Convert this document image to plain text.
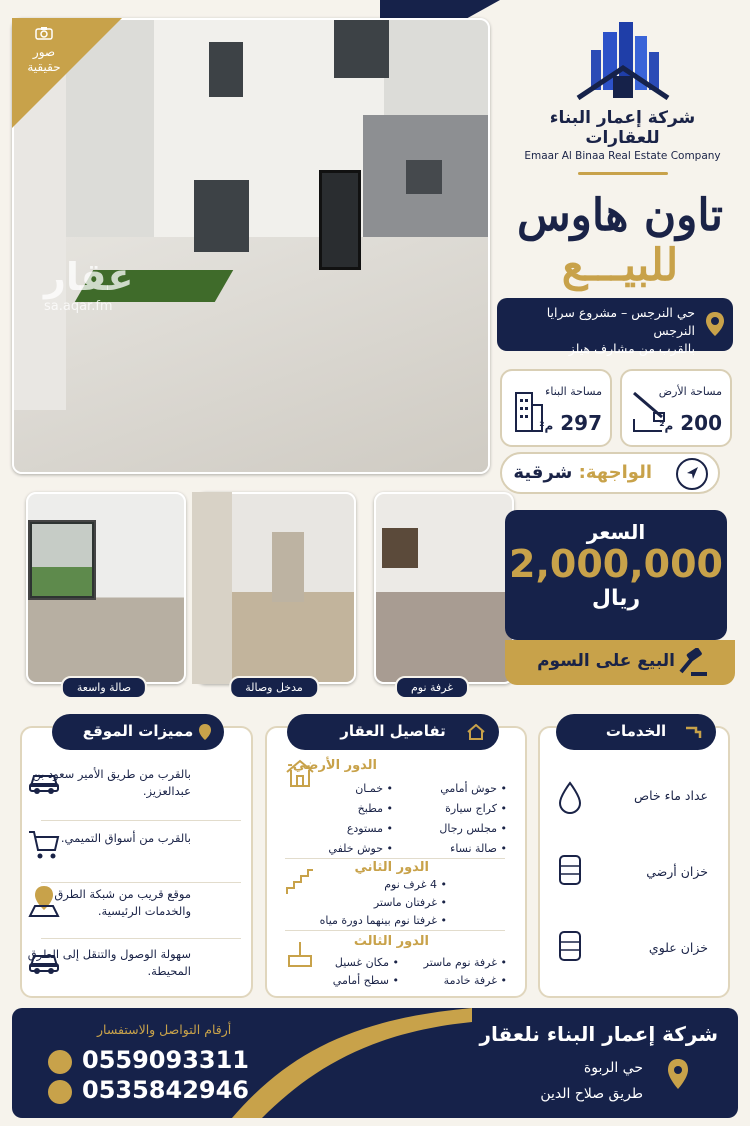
عقار
sa.aqar.fm
صور حقيقية
شركة إعمار البناء للعقارات
Emaar Al Binaa Real Estate Company
تاون هاوس
للبيـــع
حي النرجس – مشروع سرايا النرجس
بالقرب من مشارف هيلز
مساحة الأرض
200 م²
مساحة البناء
297 م²
الواجهة: شرقية
صالة واسعة	مدخل وصالة	غرفة نوم
السعر
2,000,000
ريال
البيع على السوم
مميزات الموقع
بالقرب من طريق الأمير سعود بن عبدالعزيز.
بالقرب من أسواق التميمي.
موقع قريب من شبكة الطرق والخدمات الرئيسية.
سهولة الوصول والتنقل إلى الطرق المحيطة.
تفاصيل العقار
الدور الأرضي-
• حوش أمامي
• كراج سيارة
• مجلس رجال
• صالة نساء
• خمـان
• مطبخ
• مستودع
• حوش خلفي
الدور الثاني
• 4 غرف نوم
• غرفتان ماستر
• غرفتا نوم بينهما دورة مياه
الدور الثالث
• غرفة نوم ماستر
• غرفة خادمة
• مكان غسيل
• سطح أمامي
الخدمات
عداد ماء خاص
خزان أرضي
خزان علوي
شركة إعمار البناء نلعقار
حي الربوة
طريق صلاح الدين
أرقام التواصل والاستفسار
0559093311
0535842946
